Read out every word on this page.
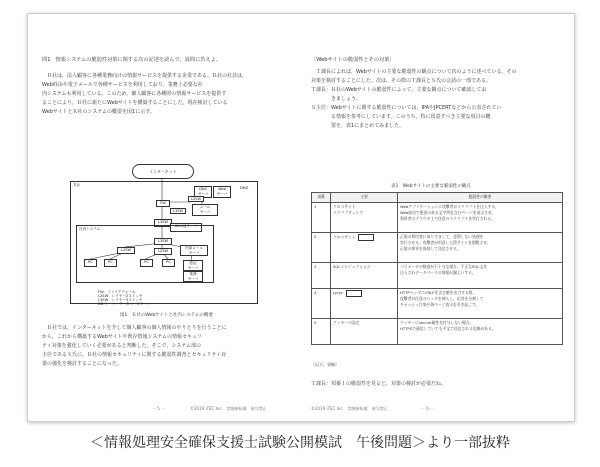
問1　情報システムの脆弱性対策に関する次の記述を読んで，設問に答えよ。
　Ｒ社は，法人顧客に各種業務向けの情報サービスを提供する企業である。Ｒ社の社員は，
Web経由や電子メールで各種サービスを利用しており，業務上必要な社
内システムも利用している。このため，個人顧客に各種財の情報サービスを提供す
ることにより，Ｒ社に新たにWebサイトを構築することにした。現在検討している
WebサイトとＲ社のシステムの概要を図1に示す。
インターネット
Ｒ社
DMZ
FW
DNS
サーバ
Web
サーバ
メール
サーバ
L2SW
L3SW
Web他サーバ
社内システム
L3SW
L2SW	L2SW
内部メール
サーバ
認証
サーバ
PC	PC	PC	PC
業務
サーバ
L3SW
FW：ファイアウォール
L2SW：レイヤー2スイッチ
L3SW：レイヤー3スイッチ
DB サーバ：データベースサーバ
図1　Ｒ社のWebサイトと社内システムの概要
　Ｒ社では，インターネットを介して個人顧客の個人情報のやりとりを行うことに
から，これから構築するWebサイトや既存情報システムの情報セキュリ
ティ対策を強化していく必要があると判断した。そこで，システム部の
主任であるＳ氏に，Ｒ社の情報セキュリティに関する脆弱性調査とセキュリティ対
策の強化を検討することになった。
－ 5 －	©2019 iTEC Inc.　禁無断転載　複写禁止
〔Webサイトの脆弱性とその対策〕
　Ｔ課長によれば，Webサイトの主要な脆弱性の観点について次のように述べている。その
対策を検討することにした。次は，その際のＴ課長とＳ氏の会話の一部である。
Ｔ課長：Ｒ社のWebサイトの脆弱性によって，主要な観点について確認してお
　　　　きましょう。
Ｓ主任：Webサイトに関する脆弱性については，IPAやJPCERTなどから公表されてい
　　　　る情報を参考にしています。このうち，特に留意すべき主要な項目の概
　　　　要を，表1にまとめてみました。
表1　Webサイトの主要な脆弱性の観点
項番	主要	脆弱性の概要
1	クロスサイト
スクリプティング	Webアプリケーションに攻撃者がスクリプトを注入する，
Web経由で悪意のある文字列を含むページを表示させ，
利用者のブラウザ上で任意のスクリプトを実行される。
2	クロスサイト	正規の利用者に成りすまして，意図しない処理を
実行させる。攻撃者が用意した罠サイトを閲覧させ，
正規の要求を偽装して送信させる。
3	SQLインジェクション	パラメータの検査が不十分な場合，不正なSQL文を
注入されデータベースの情報が漏えいする。
4	HTTP	HTTPヘッダにCRLFを含む値を出力する際，
攻撃者が任意のヘッダを挿入し，応答を分割して
キャッシュ汚染や偽ページ表示を引き起こす。
5	クッキーの設定	クッキーにsecure属性を付与しない場合，
HTTPSで通信していても平文で送信される危険がある。
（以下，省略）
Ｔ課長：項番１の脆弱性を見ると，対策の検討が必要だね。
©2019 iTEC Inc.　禁無断転載　複写禁止	－ 6 －
＜情報処理安全確保支援士試験公開模試　午後問題＞より一部抜粋
